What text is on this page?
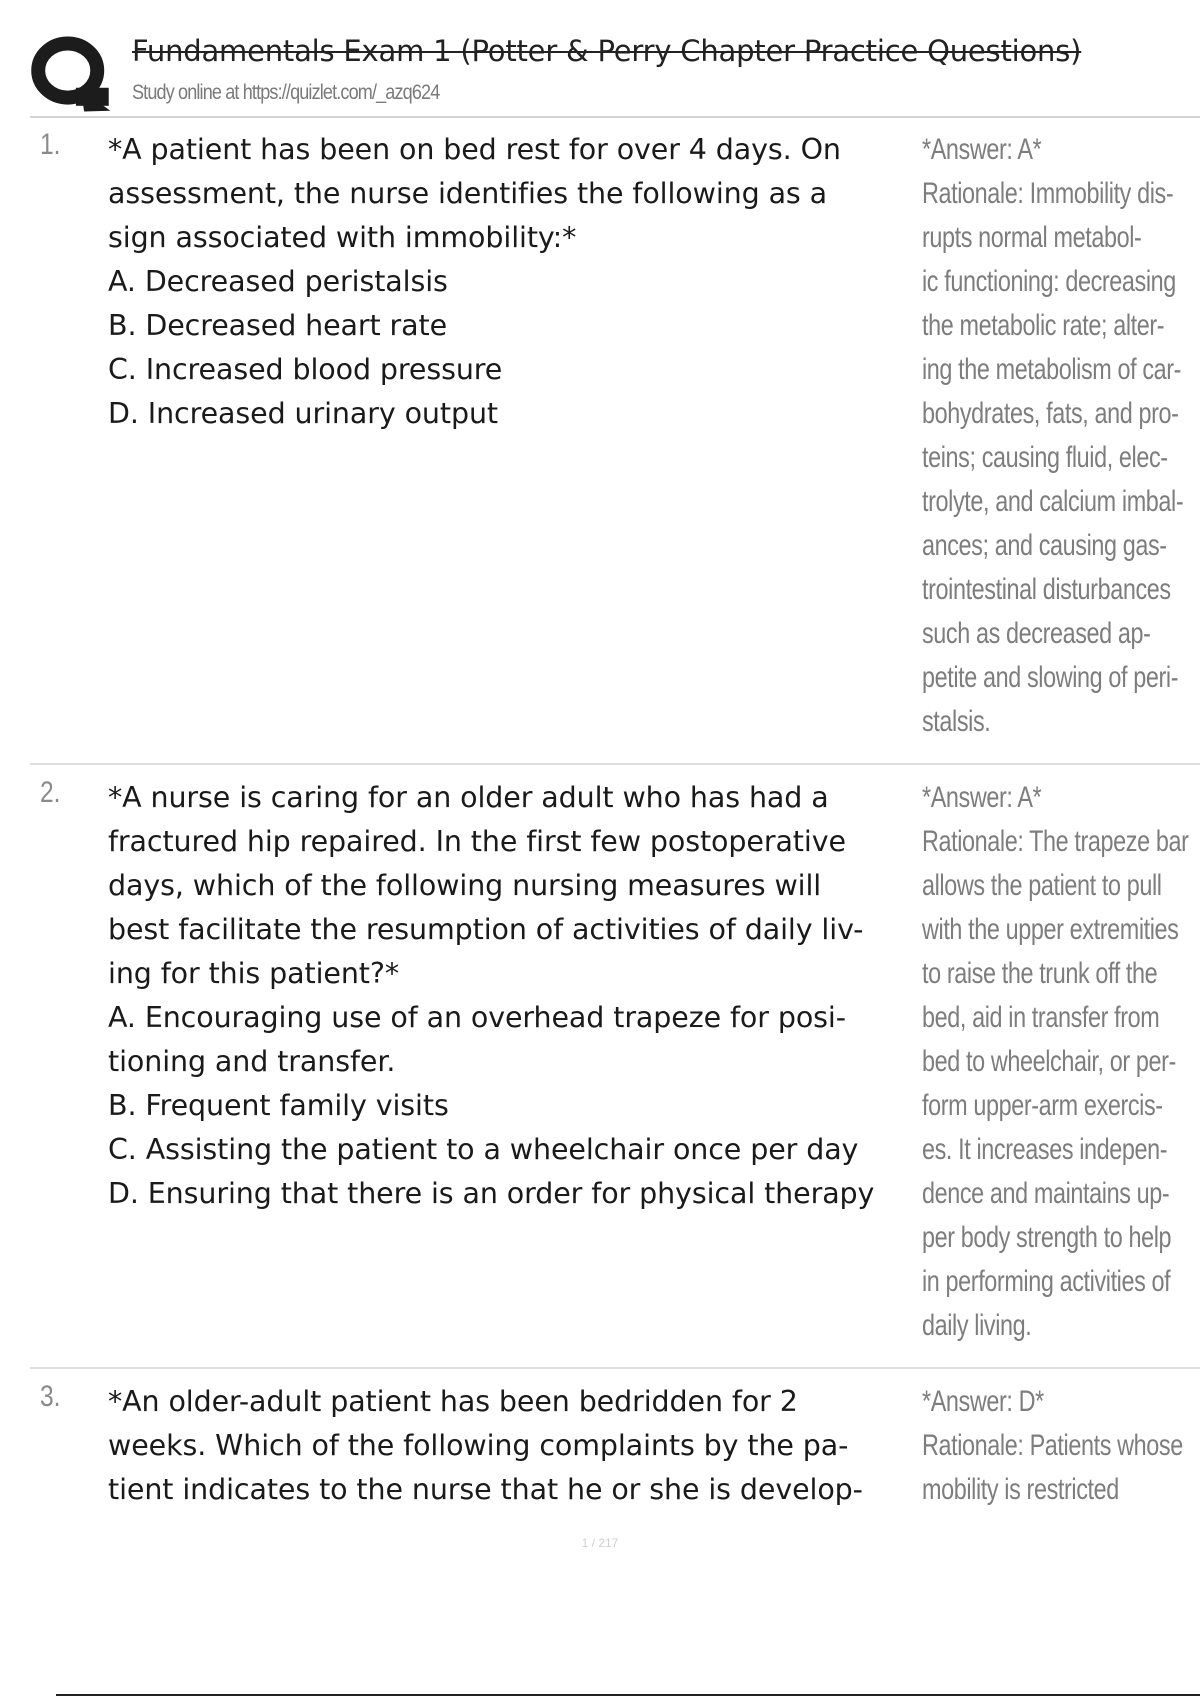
Fundamentals Exam 1 (Potter & Perry Chapter Practice Questions)
Study online at https://quizlet.com/_azq624
1. *A patient has been on bed rest for over 4 days. On
assessment, the nurse identifies the following as a
sign associated with immobility:*
A. Decreased peristalsis
B. Decreased heart rate
C. Increased blood pressure
D. Increased urinary output
*Answer: A*
Rationale: Immobility dis-
rupts normal metabol-
ic functioning: decreasing
the metabolic rate; alter-
ing the metabolism of car-
bohydrates, fats, and pro-
teins; causing fluid, elec-
trolyte, and calcium imbal-
ances; and causing gas-
trointestinal disturbances
such as decreased ap-
petite and slowing of peri-
stalsis.
2. *A nurse is caring for an older adult who has had a
fractured hip repaired. In the first few postoperative
days, which of the following nursing measures will
best facilitate the resumption of activities of daily liv-
ing for this patient?*
A. Encouraging use of an overhead trapeze for posi-
tioning and transfer.
B. Frequent family visits
C. Assisting the patient to a wheelchair once per day
D. Ensuring that there is an order for physical therapy
*Answer: A*
Rationale: The trapeze bar
allows the patient to pull
with the upper extremities
to raise the trunk off the
bed, aid in transfer from
bed to wheelchair, or per-
form upper-arm exercis-
es. It increases indepen-
dence and maintains up-
per body strength to help
in performing activities of
daily living.
3. *An older-adult patient has been bedridden for 2
weeks. Which of the following complaints by the pa-
tient indicates to the nurse that he or she is develop-
*Answer: D*
Rationale: Patients whose
mobility is restricted
1 / 217
